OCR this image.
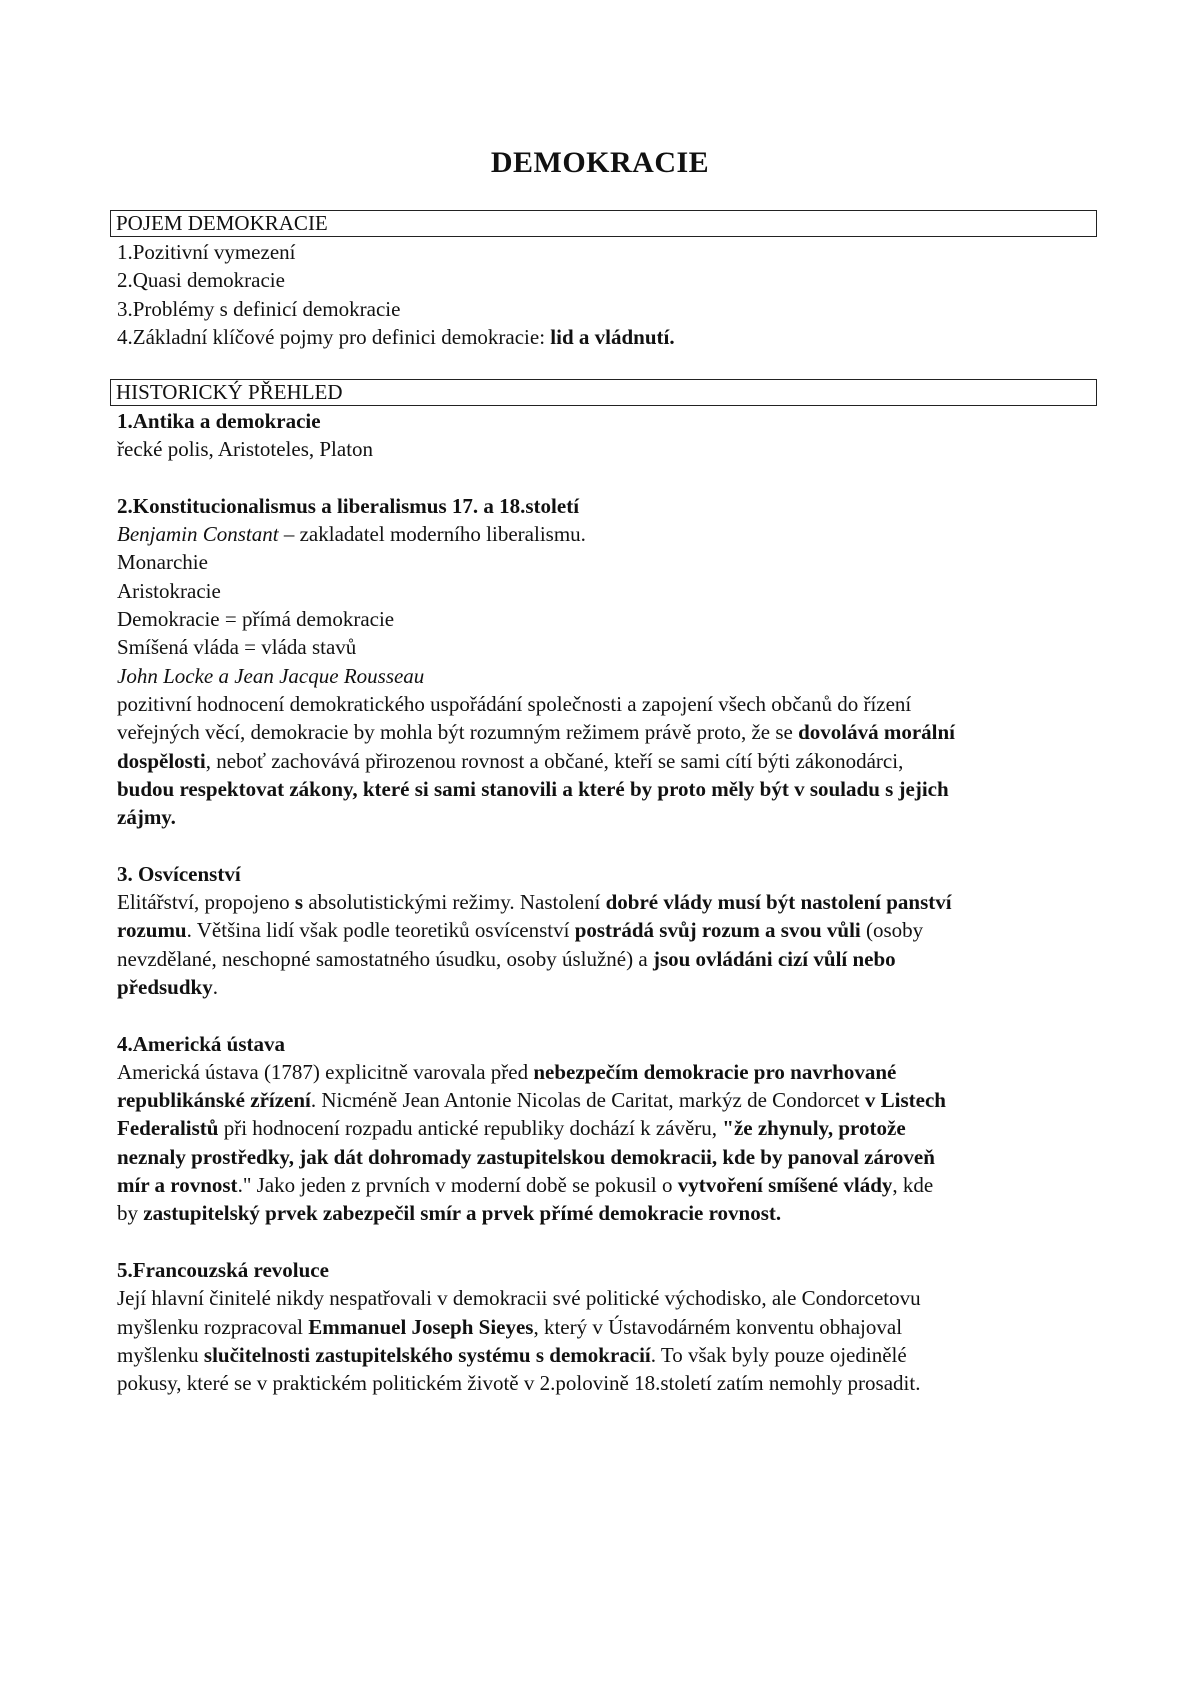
DEMOKRACIE
POJEM DEMOKRACIE
1.Pozitivní vymezení
2.Quasi demokracie
3.Problémy s definicí demokracie
4.Základní klíčové pojmy pro definici demokracie: lid a vládnutí.
HISTORICKÝ PŘEHLED
1.Antika a demokracie
řecké polis, Aristoteles, Platon
2.Konstitucionalismus a liberalismus 17. a 18.století
Benjamin Constant – zakladatel moderního liberalismu.
Monarchie
Aristokracie
Demokracie = přímá demokracie
Smíšená vláda = vláda stavů
John Locke a Jean Jacque Rousseau
pozitivní hodnocení demokratického uspořádání společnosti a zapojení všech občanů do řízení
veřejných věcí, demokracie by mohla být rozumným režimem právě proto, že se dovolává morální
dospělosti, neboť zachovává přirozenou rovnost a občané, kteří se sami cítí býti zákonodárci,
budou respektovat zákony, které si sami stanovili a které by proto měly být v souladu s jejich
zájmy.
3. Osvícenství
Elitářství, propojeno s absolutistickými režimy. Nastolení dobré vlády musí být nastolení panství
rozumu. Většina lidí však podle teoretiků osvícenství postrádá svůj rozum a svou vůli (osoby
nevzdělané, neschopné samostatného úsudku, osoby úslužné) a jsou ovládáni cizí vůlí nebo
předsudky.
4.Americká ústava
Americká ústava (1787) explicitně varovala před nebezpečím demokracie pro navrhované
republikánské zřízení. Nicméně Jean Antonie Nicolas de Caritat, markýz de Condorcet v Listech
Federalistů při hodnocení rozpadu antické republiky dochází k závěru, "že zhynuly, protože
neznaly prostředky, jak dát dohromady zastupitelskou demokracii, kde by panoval zároveň
mír a rovnost." Jako jeden z prvních v moderní době se pokusil o vytvoření smíšené vlády, kde
by zastupitelský prvek zabezpečil smír a prvek přímé demokracie rovnost.
5.Francouzská revoluce
Její hlavní činitelé nikdy nespatřovali v demokracii své politické východisko, ale Condorcetovu
myšlenku rozpracoval Emmanuel Joseph Sieyes, který v Ústavodárném konventu obhajoval
myšlenku slučitelnosti zastupitelského systému s demokracií. To však byly pouze ojedinělé
pokusy, které se v praktickém politickém životě v 2.polovině 18.století zatím nemohly prosadit.
